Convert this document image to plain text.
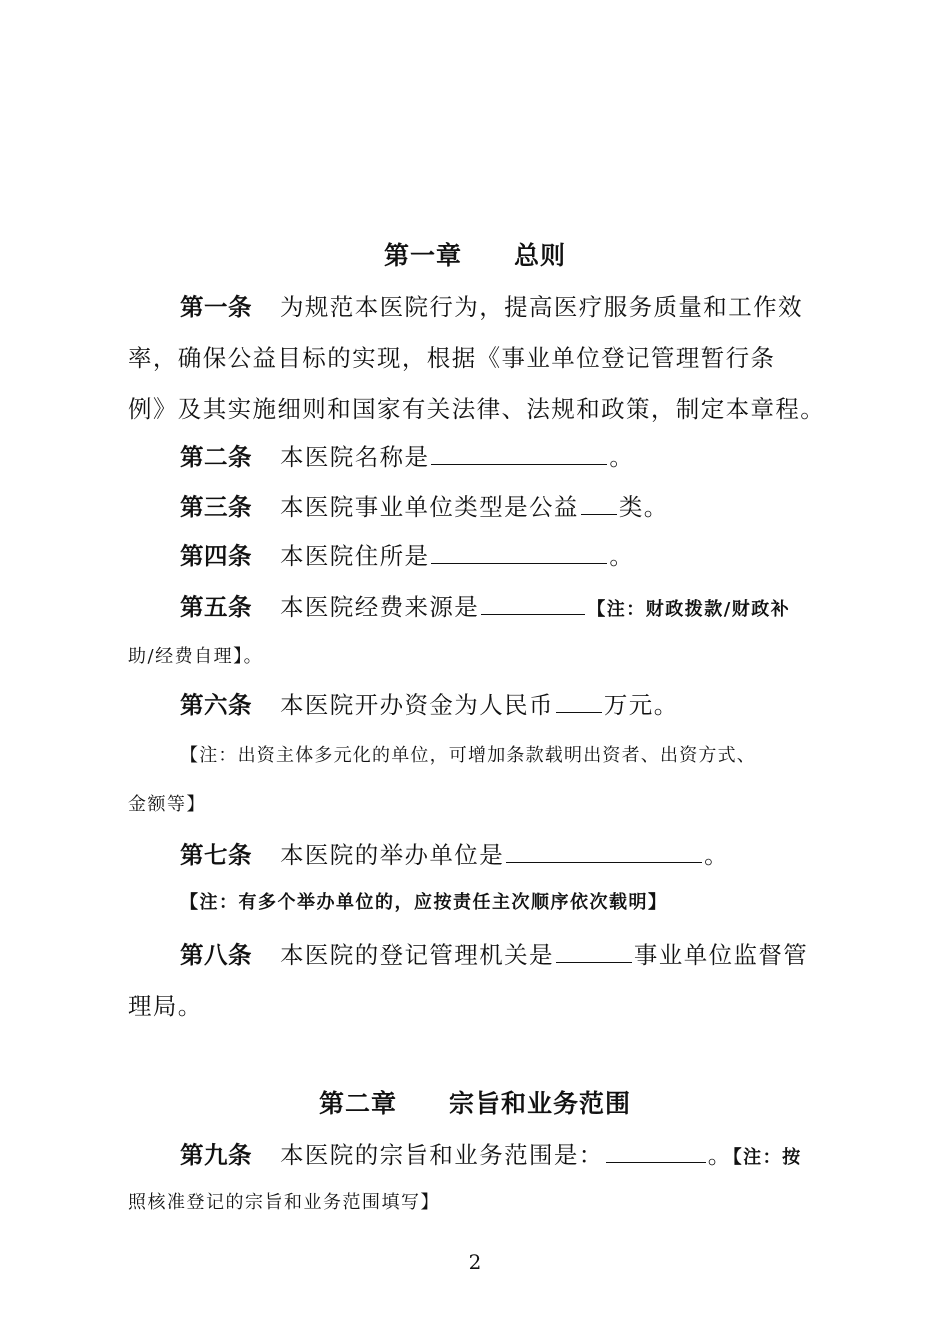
第一章　　总则
第一条 为规范本医院行为，提高医疗服务质量和工作效
率，确保公益目标的实现，根据《事业单位登记管理暂行条
例》及其实施细则和国家有关法律、法规和政策，制定本章程。
第二条 本医院名称是	。
第三条 本医院事业单位类型是公益 类。
第四条 本医院住所是	。
第五条 本医院经费来源是	【注：财政拨款/财政补
助/经费自理】。
第六条 本医院开办资金为人民币 万元。
【注：出资主体多元化的单位，可增加条款载明出资者、出资方式、
金额等】
第七条 本医院的举办单位是	。
【注：有多个举办单位的，应按责任主次顺序依次载明】
第八条 本医院的登记管理机关是	事业单位监督管
理局。
第二章　　宗旨和业务范围
第九条 本医院的宗旨和业务范围是：	。【注：按
照核准登记的宗旨和业务范围填写】
2
